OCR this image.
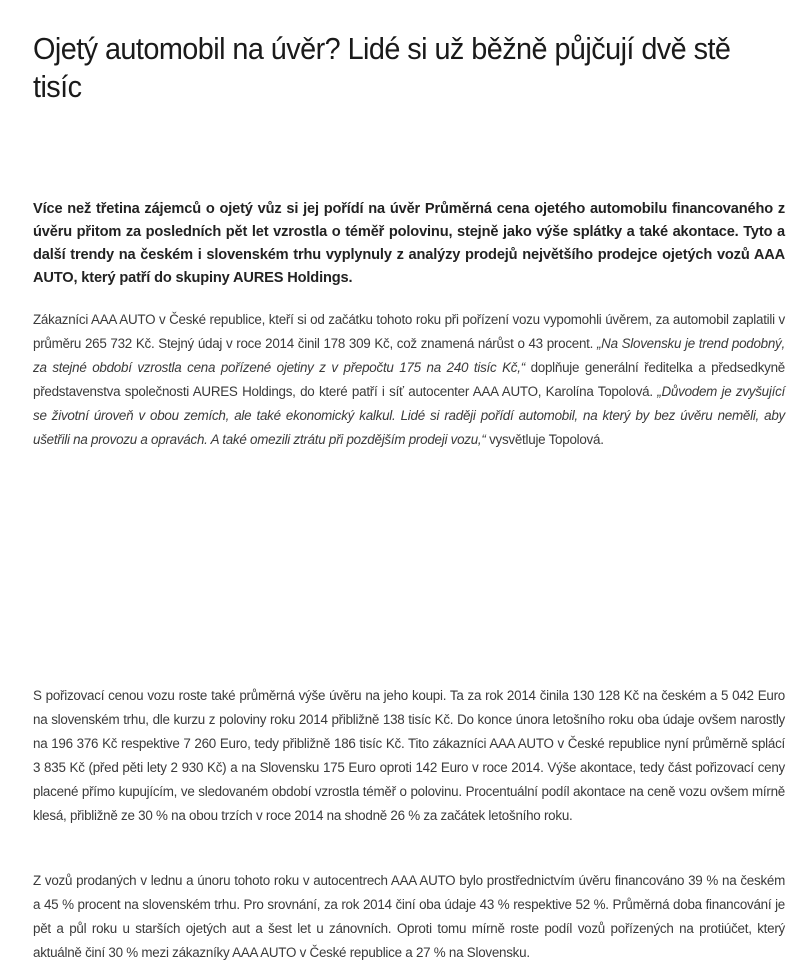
Ojetý automobil na úvěr? Lidé si už běžně půjčují dvě stě tisíc

Více než třetina zájemců o ojetý vůz si jej pořídí na úvěr Průměrná cena ojetého automobilu financovaného z úvěru přitom za posledních pět let vzrostla o téměř polovinu, stejně jako výše splátky a také akontace. Tyto a další trendy na českém i slovenském trhu vyplynuly z analýzy prodejů největšího prodejce ojetých vozů AAA AUTO, který patří do skupiny AURES Holdings.

Zákazníci AAA AUTO v České republice, kteří si od začátku tohoto roku při pořízení vozu vypomohli úvěrem, za automobil zaplatili v průměru 265 732 Kč. Stejný údaj v roce 2014 činil 178 309 Kč, což znamená nárůst o 43 procent. „Na Slovensku je trend podobný, za stejné období vzrostla cena pořízené ojetiny z v přepočtu 175 na 240 tisíc Kč,“ doplňuje generální ředitelka a předsedkyně představenstva společnosti AURES Holdings, do které patří i síť autocenter AAA AUTO, Karolína Topolová. „Důvodem je zvyšující se životní úroveň v obou zemích, ale také ekonomický kalkul. Lidé si raději pořídí automobil, na který by bez úvěru neměli, aby ušetřili na provozu a opravách. A také omezili ztrátu při pozdějším prodeji vozu,“ vysvětluje Topolová.

S pořizovací cenou vozu roste také průměrná výše úvěru na jeho koupi. Ta za rok 2014 činila 130 128 Kč na českém a 5 042 Euro na slovenském trhu, dle kurzu z poloviny roku 2014 přibližně 138 tisíc Kč. Do konce února letošního roku oba údaje ovšem narostly na 196 376 Kč respektive 7 260 Euro, tedy přibližně 186 tisíc Kč. Tito zákazníci AAA AUTO v České republice nyní průměrně splácí 3 835 Kč (před pěti lety 2 930 Kč) a na Slovensku 175 Euro oproti 142 Euro v roce 2014. Výše akontace, tedy část pořizovací ceny placené přímo kupujícím, ve sledovaném období vzrostla téměř o polovinu. Procentuální podíl akontace na ceně vozu ovšem mírně klesá, přibližně ze 30 % na obou trzích v roce 2014 na shodně 26 % za začátek letošního roku.

Z vozů prodaných v lednu a únoru tohoto roku v autocentrech AAA AUTO bylo prostřednictvím úvěru financováno 39 % na českém a 45 % procent na slovenském trhu. Pro srovnání, za rok 2014 činí oba údaje 43 % respektive 52 %. Průměrná doba financování je pět a půl roku u starších ojetých aut a šest let u zánovních. Oproti tomu mírně roste podíl vozů pořízených na protiúčet, který aktuálně činí 30 % mezi zákazníky AAA AUTO v České republice a 27 % na Slovensku.
